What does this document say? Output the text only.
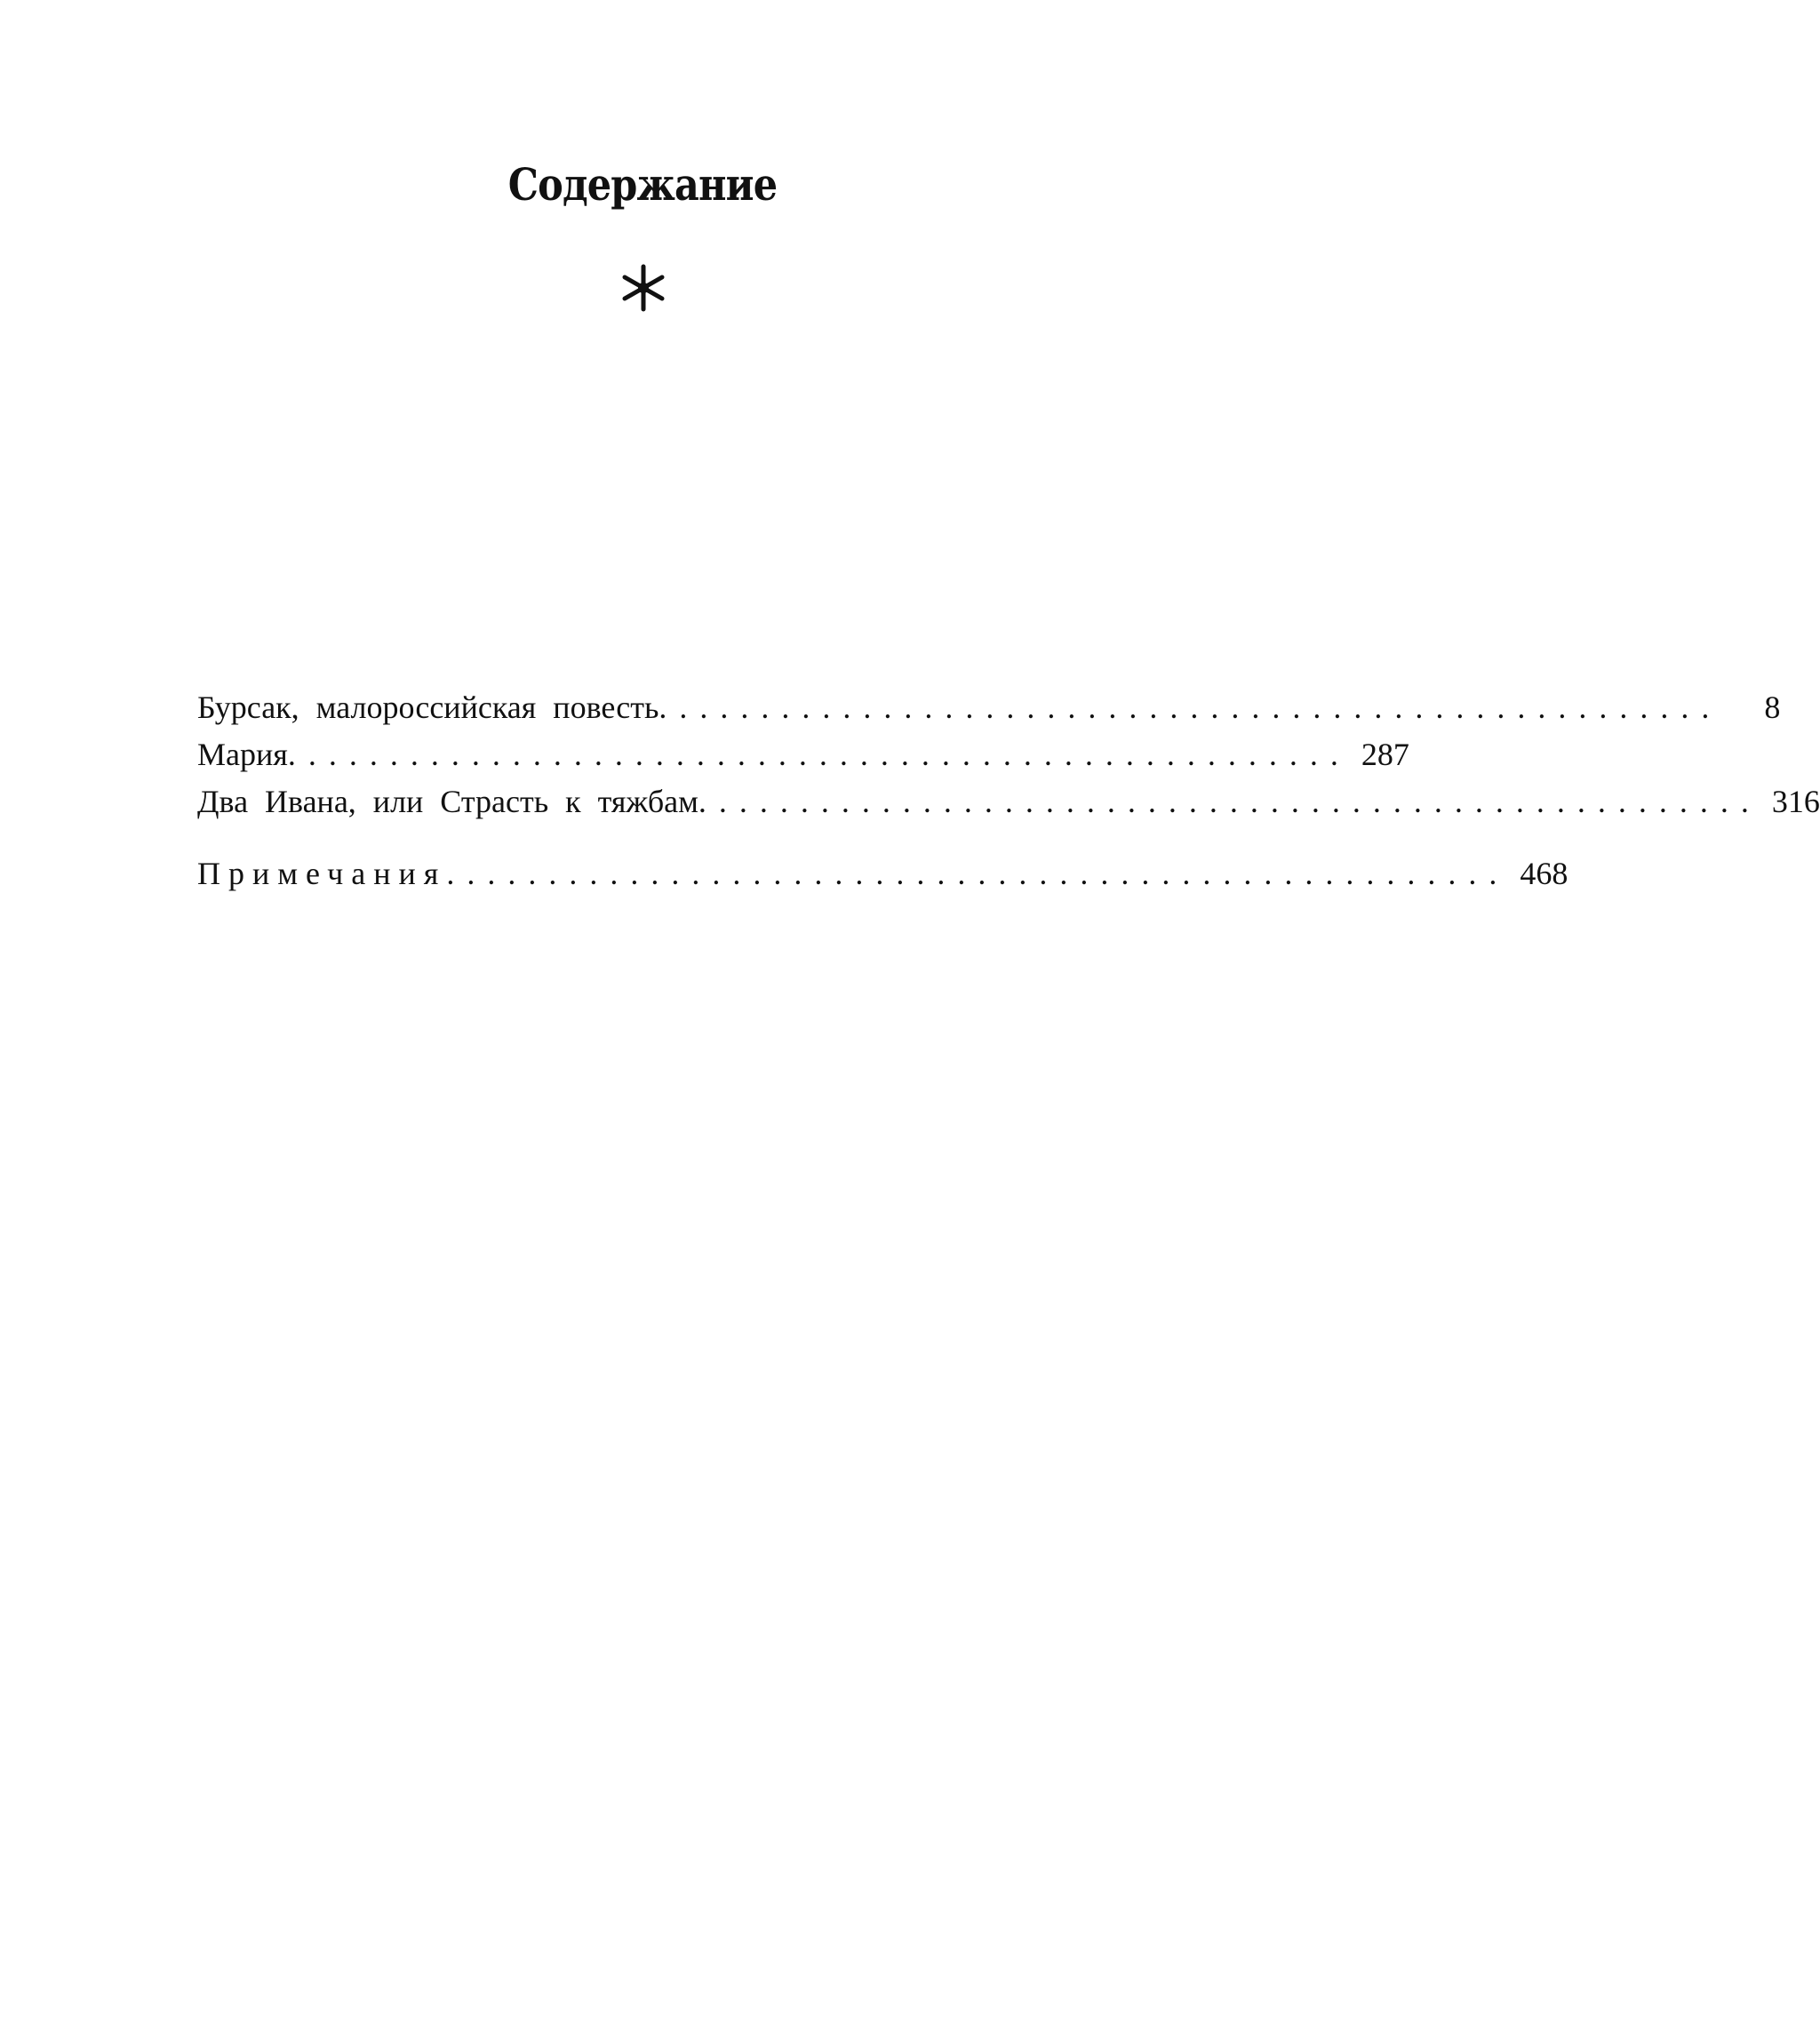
Содержание
Бурсак, малороссийская повесть ....................................................	8
Мария .................................................... 287
Два Ивана, или Страсть к тяжбам .................................................... 316
Примечания .................................................... 468
